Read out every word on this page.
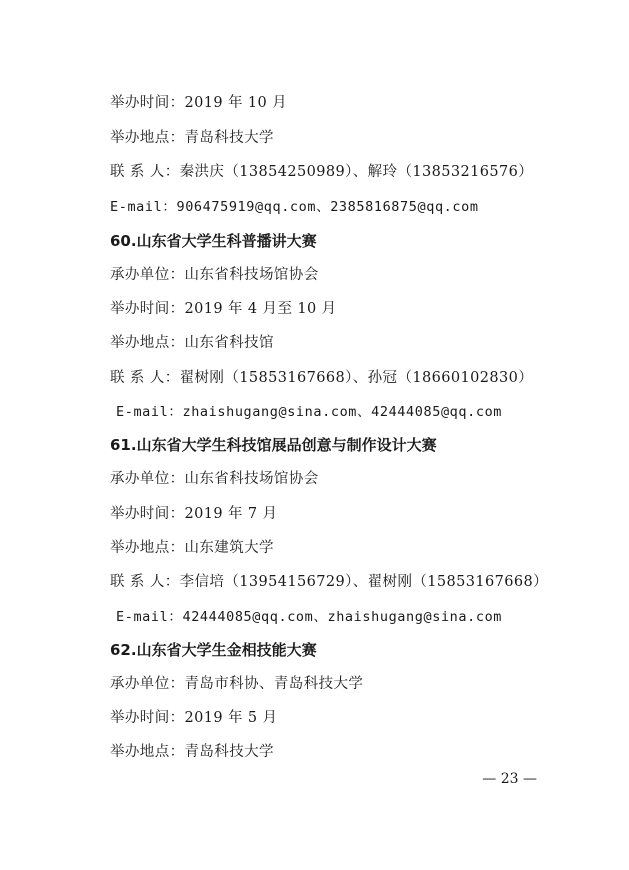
举办时间：2019 年 10 月
举办地点：青岛科技大学
联 系 人：秦洪庆（13854250989）、解玲（13853216576）
E-mail：906475919@qq.com、2385816875@qq.com
60.山东省大学生科普播讲大赛
承办单位：山东省科技场馆协会
举办时间：2019 年 4 月至 10 月
举办地点：山东省科技馆
联 系 人：翟树刚（15853167668）、孙冠（18660102830）
E-mail：zhaishugang@sina.com、42444085@qq.com
61.山东省大学生科技馆展品创意与制作设计大赛
承办单位：山东省科技场馆协会
举办时间：2019 年 7 月
举办地点：山东建筑大学
联 系 人：李信培（13954156729）、翟树刚（15853167668）
E-mail：42444085@qq.com、zhaishugang@sina.com
62.山东省大学生金相技能大赛
承办单位：青岛市科协、青岛科技大学
举办时间：2019 年 5 月
举办地点：青岛科技大学
— 23 —
